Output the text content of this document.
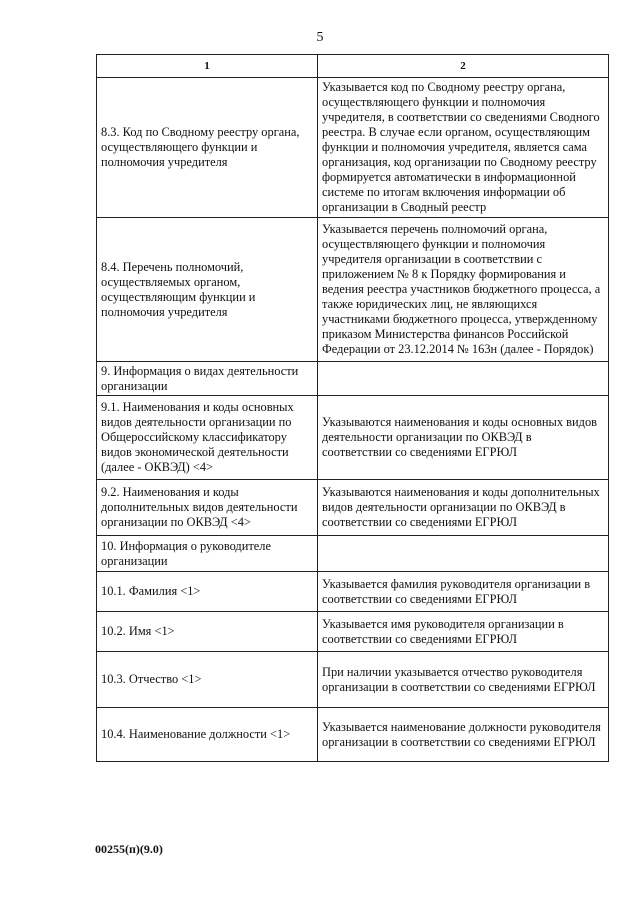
5
1	2
8.3. Код по Сводному реестру органа, осуществляющего функции и полномочия учредителя	Указывается код по Сводному реестру органа, осуществляющего функции и полномочия учредителя, в соответствии со сведениями Сводного реестра. В случае если органом, осуществляющим функции и полномочия учредителя, является сама организация, код организации по Сводному реестру формируется автоматически в информационной системе по итогам включения информации об организации в Сводный реестр
8.4. Перечень полномочий, осуществляемых органом, осуществляющим функции и полномочия учредителя	Указывается перечень полномочий органа, осуществляющего функции и полномочия учредителя организации в соответствии с приложением № 8 к Порядку формирования и ведения реестра участников бюджетного процесса, а также юридических лиц, не являющихся участниками бюджетного процесса, утвержденному приказом Министерства финансов Российской Федерации от 23.12.2014 № 163н (далее - Порядок)
9. Информация о видах деятельности организации	
9.1. Наименования и коды основных видов деятельности организации по Общероссийскому классификатору видов экономической деятельности (далее - ОКВЭД) <4>	Указываются наименования и коды основных видов деятельности организации по ОКВЭД в соответствии со сведениями ЕГРЮЛ
9.2. Наименования и коды дополнительных видов деятельности организации по ОКВЭД <4>	Указываются наименования и коды дополнительных видов деятельности организации по ОКВЭД в соответствии со сведениями ЕГРЮЛ
10. Информация о руководителе организации	
10.1. Фамилия <1>	Указывается фамилия руководителя организации в соответствии со сведениями ЕГРЮЛ
10.2. Имя <1>	Указывается имя руководителя организации в соответствии со сведениями ЕГРЮЛ
10.3. Отчество <1>	При наличии указывается отчество руководителя организации в соответствии со сведениями ЕГРЮЛ
10.4. Наименование должности <1>	Указывается наименование должности руководителя организации в соответствии со сведениями ЕГРЮЛ
00255(п)(9.0)
